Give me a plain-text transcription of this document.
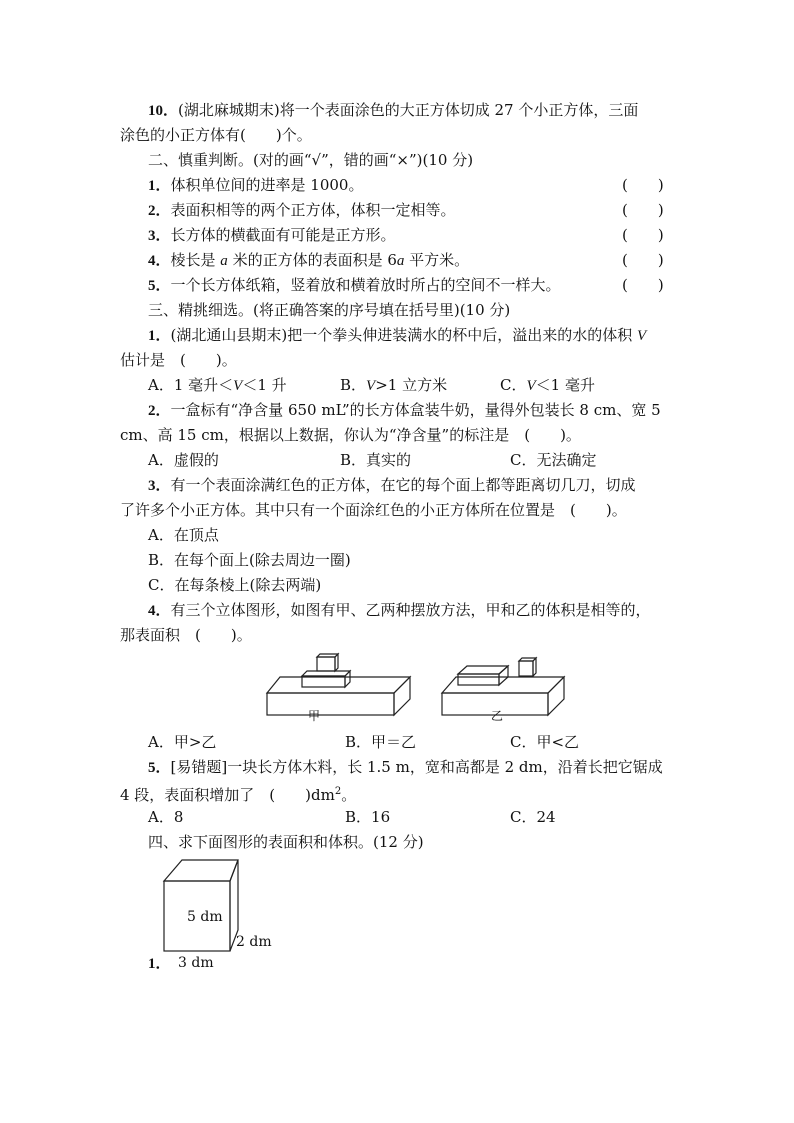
10．(湖北麻城期末)将一个表面涂色的大正方体切成 27 个小正方体，三面
涂色的小正方体有(　　)个。
二、慎重判断。(对的画“√”，错的画“×”)(10 分)
1．体积单位间的进率是 1000。	(　　)
2．表面积相等的两个正方体，体积一定相等。	(　　)
3．长方体的横截面有可能是正方形。	(　　)
4．棱长是 a 米的正方体的表面积是 6a 平方米。	(　　)
5．一个长方体纸箱，竖着放和横着放时所占的空间不一样大。	(　　)
三、精挑细选。(将正确答案的序号填在括号里)(10 分)
1．(湖北通山县期末)把一个拳头伸进装满水的杯中后，溢出来的水的体积 V
估计是　(　　)。
A．1 毫升＜V＜1 升	B．V>1 立方米	C．V＜1 毫升
2．一盒标有“净含量 650 mL”的长方体盒装牛奶，量得外包装长 8 cm、宽 5
cm、高 15 cm，根据以上数据，你认为“净含量”的标注是　(　　)。
A．虚假的	B．真实的	C．无法确定
3．有一个表面涂满红色的正方体，在它的每个面上都等距离切几刀，切成
了许多个小正方体。其中只有一个面涂红色的小正方体所在位置是　(　　)。
A．在顶点
B．在每个面上(除去周边一圈)
C．在每条棱上(除去两端)
4．有三个立体图形，如图有甲、乙两种摆放方法，甲和乙的体积是相等的，
那表面积　(　　)。
甲	乙
A．甲>乙	B．甲＝乙	C．甲<乙
5．[易错题]一块长方体木料，长 1.5 m，宽和高都是 2 dm，沿着长把它锯成
4 段，表面积增加了　(　　)$dm^2$。
A．8	B．16	C．24
四、求下面图形的表面积和体积。(12 分)
5 dm
2 dm
1． 3 dm
